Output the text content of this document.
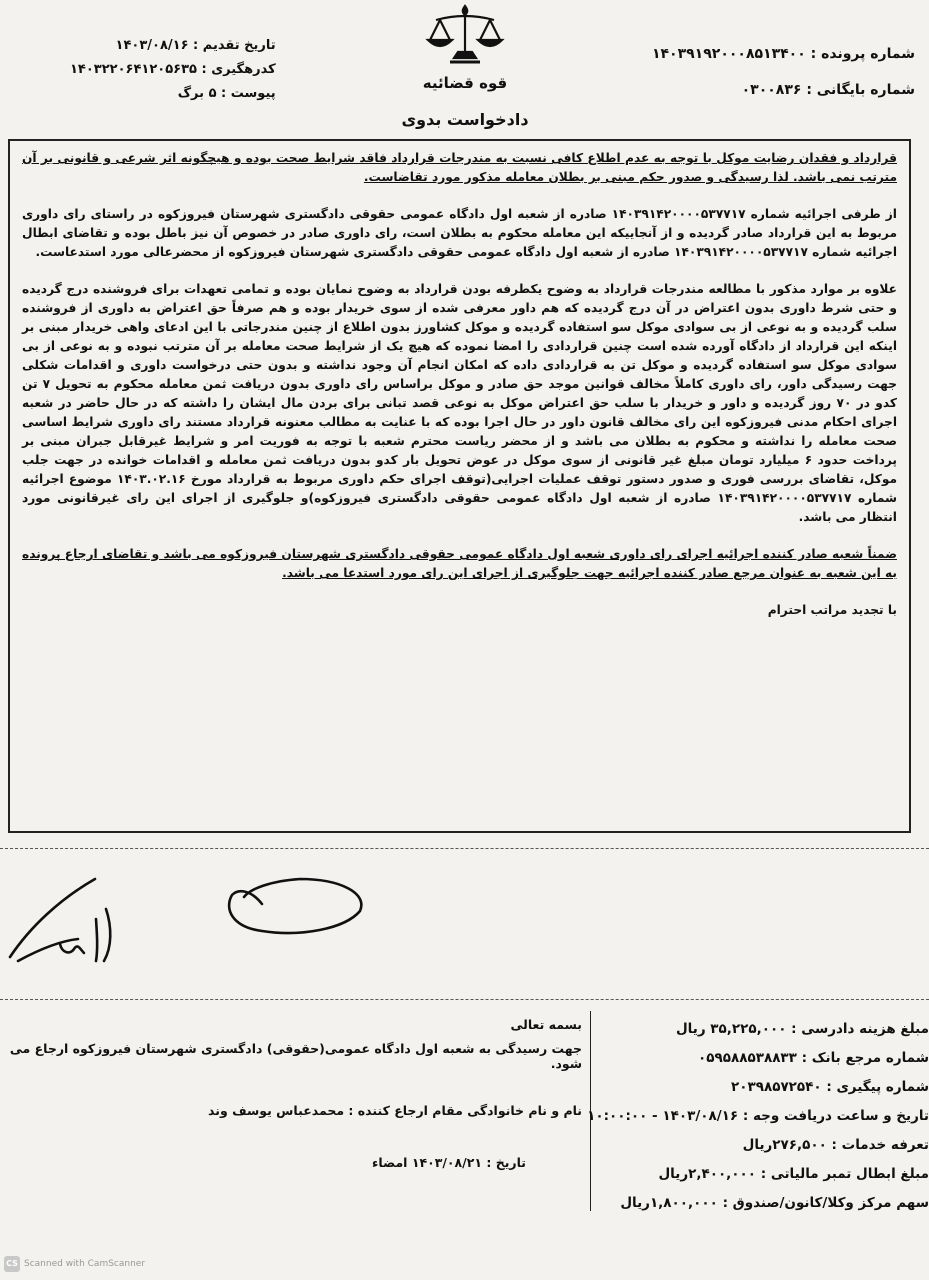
شماره پرونده : ۱۴۰۳۹۱۹۲۰۰۰۸۵۱۳۴۰۰
شماره بایگانی : ۰۳۰۰۸۳۶
قوه قضائیه
دادخواست بدوی
تاریخ تقدیم : ۱۴۰۳/۰۸/۱۶
کدرهگیری : ۱۴۰۳۲۲۰۶۴۱۲۰۵۶۳۵
پیوست : ۵ برگ

قرارداد و فقدان رضایت موکل با توجه به عدم اطلاع کافی نسبت به مندرجات قرارداد فاقد شرایط صحت بوده و هیچگونه اثر شرعی و قانونی بر آن مترتب نمی باشد. لذا رسیدگی و صدور حکم مبنی بر بطلان معامله مذکور مورد تقاضاست.

از طرفی اجرائیه شماره ۱۴۰۳۹۱۴۲۰۰۰۰۵۳۷۷۱۷ صادره از شعبه اول دادگاه عمومی حقوقی دادگستری شهرستان فیروزکوه در راستای رای داوری مربوط به این قرارداد صادر گردیده و از آنجاییکه این معامله محکوم به بطلان است، رای داوری صادر در خصوص آن نیز باطل بوده و تقاضای ابطال اجرائیه شماره ۱۴۰۳۹۱۴۲۰۰۰۰۵۳۷۷۱۷ صادره از شعبه اول دادگاه عمومی حقوقی دادگستری شهرستان فیروزکوه از محضرعالی مورد استدعاست.

علاوه بر موارد مذکور با مطالعه مندرجات قرارداد به وضوح یکطرفه بودن قرارداد به وضوح نمایان بوده و تمامی تعهدات برای فروشنده درج گردیده و حتی شرط داوری بدون اعتراض در آن درج گردیده که هم داور معرفی شده از سوی خریدار بوده و هم صرفاً حق اعتراض به داوری از فروشنده سلب گردیده و به نوعی از بی سوادی موکل سو استفاده گردیده و موکل کشاورز بدون اطلاع از چنین مندرجاتی با این ادعای واهی خریدار مبنی بر اینکه این قرارداد از دادگاه آورده شده است چنین قراردادی را امضا نموده که هیچ یک از شرایط صحت معامله بر آن مترتب نبوده و به نوعی از بی سوادی موکل سو استفاده گردیده و موکل تن به قراردادی داده که امکان انجام آن وجود نداشته و بدون حتی درخواست داوری و اقدامات شکلی جهت رسیدگی داور، رای داوری کاملاً مخالف قوانین موجد حق صادر و موکل براساس رای داوری بدون دریافت ثمن معامله محکوم به تحویل ۷ تن کدو در ۷۰ روز گردیده و داور و خریدار با سلب حق اعتراض موکل به نوعی قصد تبانی برای بردن مال ایشان را داشته که در حال حاضر در شعبه اجرای احکام مدنی فیروزکوه این رای مخالف قانون داور در حال اجرا بوده که با عنایت به مطالب معنونه قرارداد مستند رای داوری شرایط اساسی صحت معامله را نداشته و محکوم به بطلان می باشد و از محضر ریاست محترم شعبه با توجه به فوریت امر و شرایط غیرقابل جبران مبنی بر پرداخت حدود ۶ میلیارد تومان مبلغ غیر قانونی از سوی موکل در عوض تحویل بار کدو بدون دریافت ثمن معامله و اقدامات خوانده در جهت جلب موکل، تقاضای بررسی فوری و صدور دستور توقف عملیات اجرایی(توقف اجرای حکم داوری مربوط به قرارداد مورخ ۱۴۰۳.۰۲.۱۶ موضوع اجرائیه شماره ۱۴۰۳۹۱۴۲۰۰۰۰۵۳۷۷۱۷ صادره از شعبه اول دادگاه عمومی حقوقی دادگستری فیروزکوه)و جلوگیری از اجرای این رای غیرقانونی مورد انتظار می باشد.

ضمناً شعبه صادر کننده اجرائیه اجرای رای داوری شعبه اول دادگاه عمومی حقوقی دادگستری شهرستان فیروزکوه می باشد و تقاضای ارجاع پرونده به این شعبه به عنوان مرجع صادر کننده اجرائیه جهت جلوگیری از اجرای این رای مورد استدعا می باشد.

با تجدید مراتب احترام

مبلغ هزینه دادرسی : ۳۵,۲۲۵,۰۰۰ ریال
شماره مرجع بانک : ۰۵۹۵۸۸۵۳۸۸۳۳
شماره پیگیری : ۲۰۳۹۸۵۷۲۵۴۰
تاریخ و ساعت دریافت وجه : ۱۴۰۳/۰۸/۱۶ - ۱۰:۰۰:۰۰
تعرفه خدمات : ۲۷۶,۵۰۰ریال
مبلغ ابطال تمبر مالیاتی : ۲,۴۰۰,۰۰۰ریال
سهم مرکز وکلا/کانون/صندوق : ۱,۸۰۰,۰۰۰ریال
بسمه تعالی
جهت رسیدگی به شعبه اول دادگاه عمومی(حقوقی) دادگستری شهرستان فیروزکوه ارجاع می شود.
نام و نام خانوادگی مقام ارجاع کننده : محمدعباس یوسف وند
تاریخ : ۱۴۰۳/۰۸/۲۱ امضاء
CS Scanned with CamScanner
